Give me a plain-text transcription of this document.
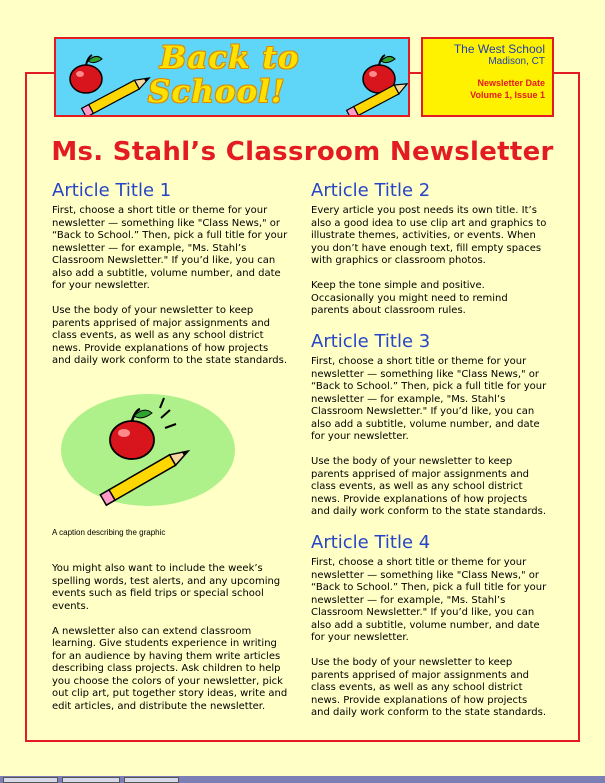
Back to
School!
The West School
Madison, CT
Newsletter Date
Volume 1, Issue 1
Ms. Stahl’s Classroom Newsletter
Article Title 1

First, choose a short title or theme for your newsletter — something like "Class News," or “Back to School.” Then, pick a full title for your newsletter — for example, "Ms. Stahl’s Classroom Newsletter." If you’d like, you can also add a subtitle, volume number, and date for your newsletter.

Use the body of your newsletter to keep parents apprised of major assignments and class events, as well as any school district news. Provide explanations of how projects and daily work conform to the state standards.

A caption describing the graphic

You might also want to include the week’s spelling words, test alerts, and any upcoming events such as field trips or special school events.

A newsletter also can extend classroom learning. Give students experience in writing for an audience by having them write articles describing class projects. Ask children to help you choose the colors of your newsletter, pick out clip art, put together story ideas, write and edit articles, and distribute the newsletter.

Article Title 2

Every article you post needs its own title. It’s also a good idea to use clip art and graphics to illustrate themes, activities, or events. When you don’t have enough text, fill empty spaces with graphics or classroom photos.

Keep the tone simple and positive. Occasionally you might need to remind parents about classroom rules.

Article Title 3

First, choose a short title or theme for your newsletter — something like "Class News," or “Back to School.” Then, pick a full title for your newsletter — for example, "Ms. Stahl’s Classroom Newsletter." If you’d like, you can also add a subtitle, volume number, and date for your newsletter.

Use the body of your newsletter to keep parents apprised of major assignments and class events, as well as any school district news. Provide explanations of how projects and daily work conform to the state standards.

Article Title 4

First, choose a short title or theme for your newsletter — something like "Class News," or “Back to School.” Then, pick a full title for your newsletter — for example, "Ms. Stahl’s Classroom Newsletter." If you’d like, you can also add a subtitle, volume number, and date for your newsletter.

Use the body of your newsletter to keep parents apprised of major assignments and class events, as well as any school district news. Provide explanations of how projects and daily work conform to the state standards.
